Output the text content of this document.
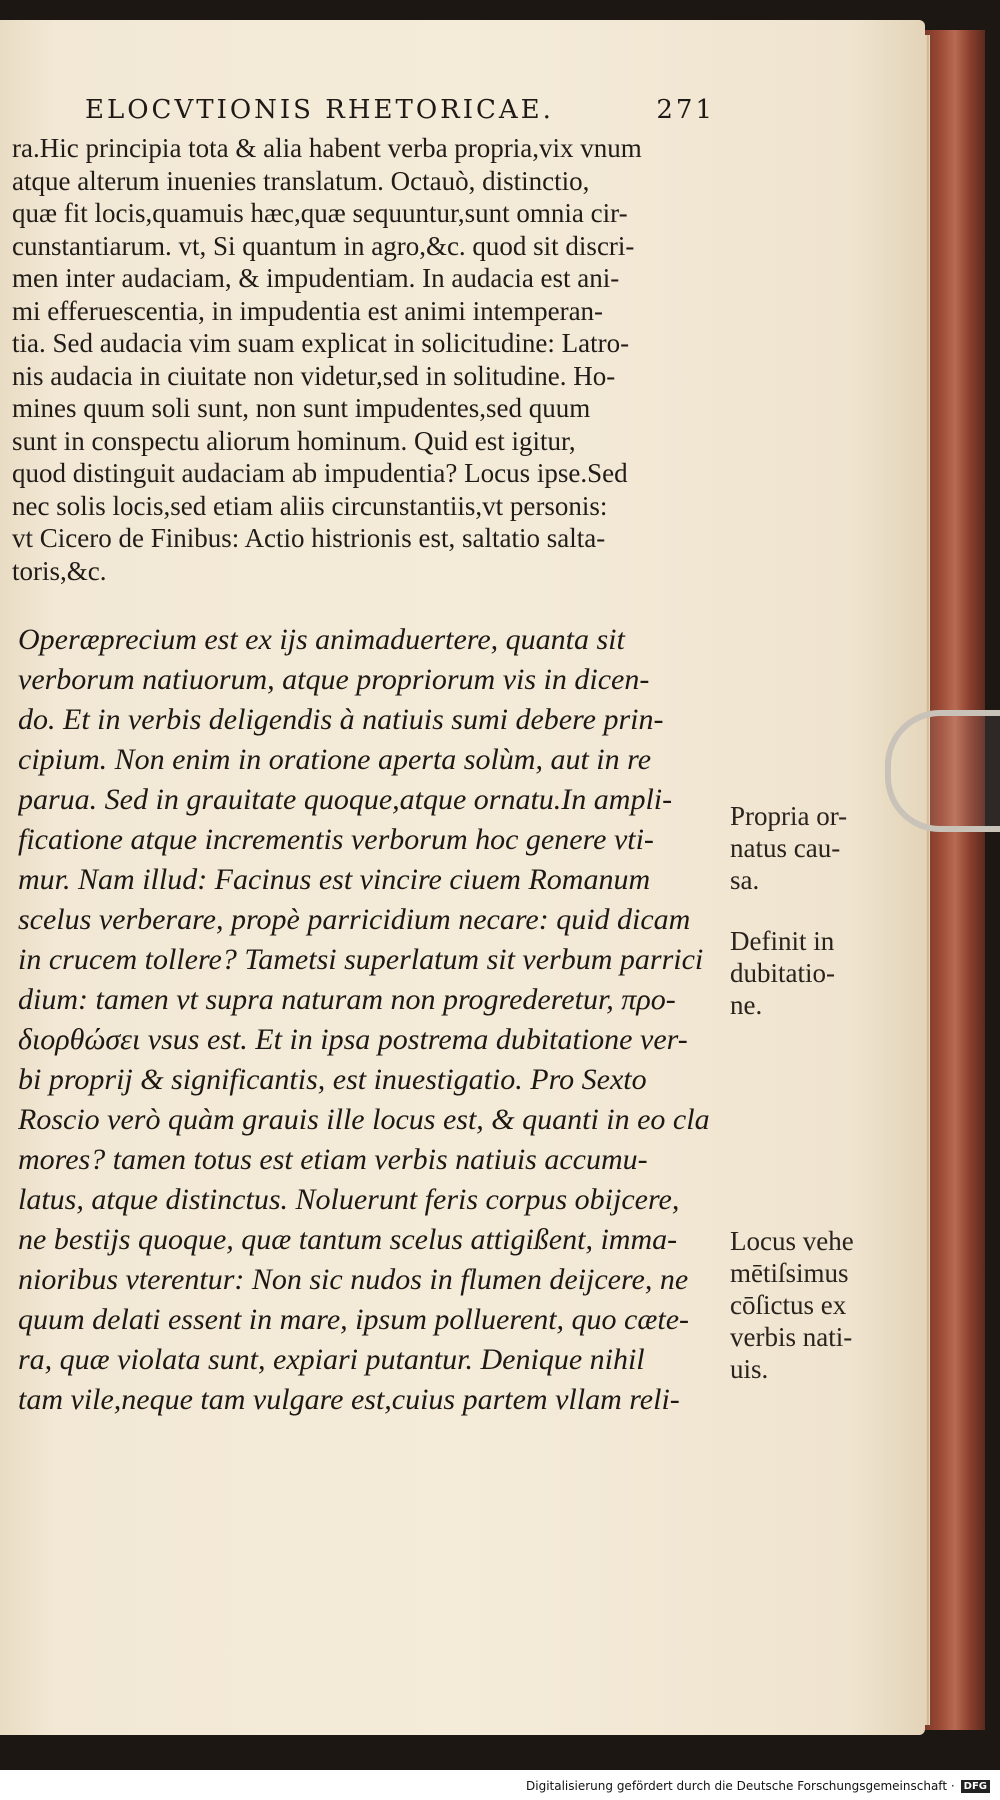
ELOCVTIONIS RHETORICAE.	271

ra.Hic principia tota & alia habent verba propria,vix vnum

atque alterum inuenies translatum. Octauò, distinctio,

quæ fit locis,quamuis hæc,quæ sequuntur,sunt omnia cir-

cunstantiarum. vt, Si quantum in agro,&c. quod sit discri-

men inter audaciam, & impudentiam. In audacia est ani-

mi efferuescentia, in impudentia est animi intemperan-

tia. Sed audacia vim suam explicat in solicitudine: Latro-

nis audacia in ciuitate non videtur,sed in solitudine. Ho-

mines quum soli sunt, non sunt impudentes,sed quum

sunt in conspectu aliorum hominum. Quid est igitur,

quod distinguit audaciam ab impudentia? Locus ipse.Sed

nec solis locis,sed etiam aliis circunstantiis,vt personis:

vt Cicero de Finibus: Actio histrionis est, saltatio salta-

toris,&c.

Operæprecium est ex ijs animaduertere, quanta sit

verborum natiuorum, atque propriorum vis in dicen-

do. Et in verbis deligendis à natiuis sumi debere prin-

cipium. Non enim in oratione aperta solùm, aut in re

parua. Sed in grauitate quoque,atque ornatu.In ampli-

ficatione atque incrementis verborum hoc genere vti-

mur. Nam illud: Facinus est vincire ciuem Romanum

scelus verberare, propè parricidium necare: quid dicam

in crucem tollere? Tametsi superlatum sit verbum parrici

dium: tamen vt supra naturam non progrederetur, προ-

διορθώσει vsus est. Et in ipsa postrema dubitatione ver-

bi proprij & significantis, est inuestigatio. Pro Sexto

Roscio verò quàm grauis ille locus est, & quanti in eo cla

mores? tamen totus est etiam verbis natiuis accumu-

latus, atque distinctus. Noluerunt feris corpus obijcere,

ne bestijs quoque, quæ tantum scelus attigißent, imma-

nioribus vterentur: Non sic nudos in flumen deijcere, ne

quum delati essent in mare, ipsum polluerent, quo cæte-

ra, quæ violata sunt, expiari putantur. Denique nihil

tam vile,neque tam vulgare est,cuius partem vllam reli-

Propria or-

natus cau-

sa.

Definit in

dubitatio-

ne.

Locus vehe

mētiſsimus

cōſictus ex

verbis nati-

uis.

Digitalisierung gefördert durch die Deutsche Forschungsgemeinschaft · DFG
